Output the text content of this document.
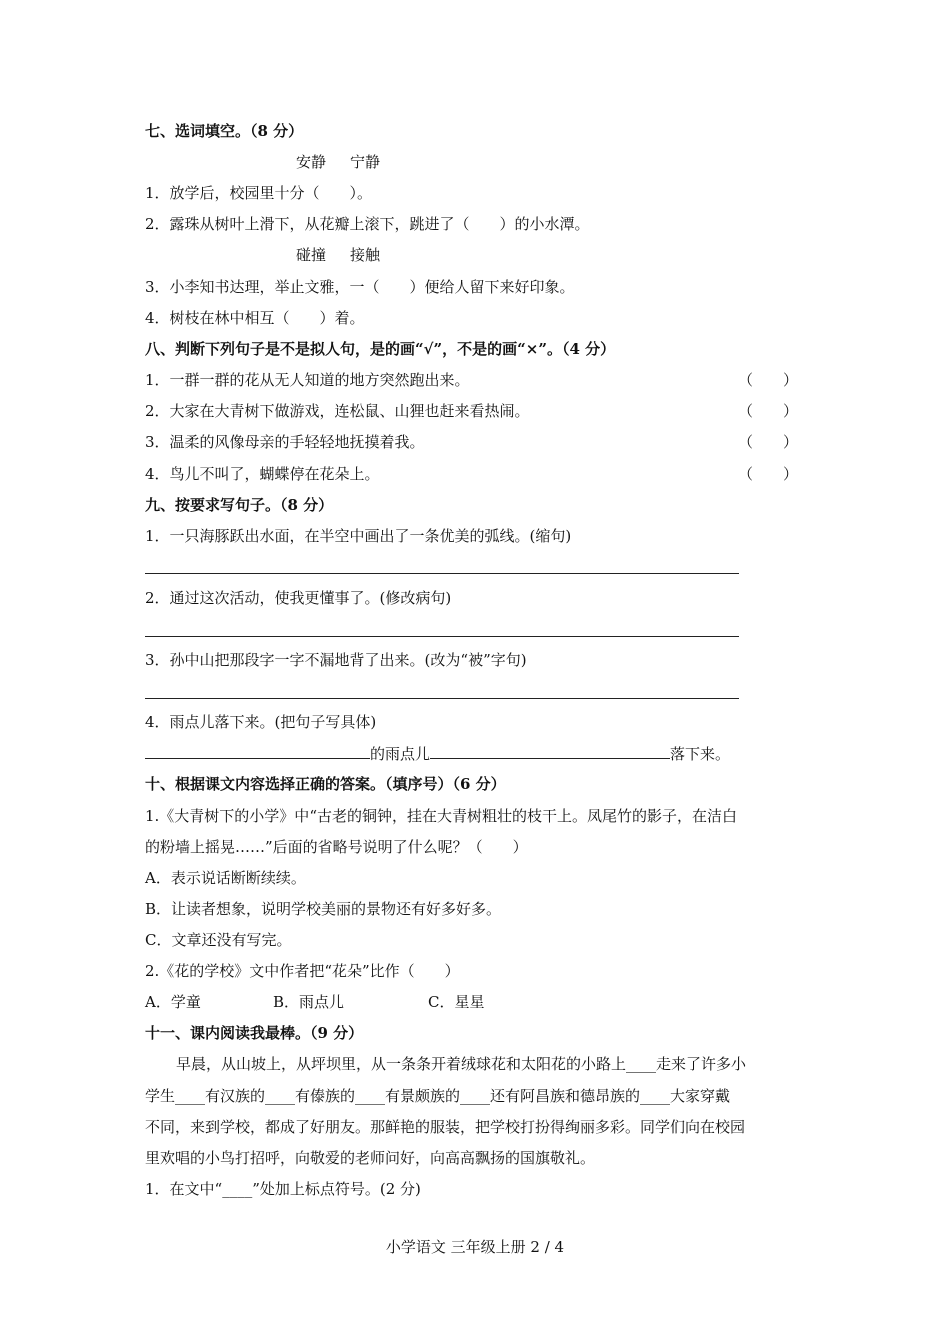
七、选词填空。（8 分）
安静 宁静
1．放学后，校园里十分（　　）。
2．露珠从树叶上滑下，从花瓣上滚下，跳进了（　　）的小水潭。
碰撞 接触
3．小李知书达理，举止文雅，一（　　）便给人留下来好印象。
4．树枝在林中相互（　　）着。
八、判断下列句子是不是拟人句，是的画“√”，不是的画“×”。（4 分）
1．一群一群的花从无人知道的地方突然跑出来。	（　　）
2．大家在大青树下做游戏，连松鼠、山狸也赶来看热闹。	（　　）
3．温柔的风像母亲的手轻轻地抚摸着我。	（　　）
4．鸟儿不叫了，蝴蝶停在花朵上。	（　　）
九、按要求写句子。（8 分）
1．一只海豚跃出水面，在半空中画出了一条优美的弧线。(缩句)
2．通过这次活动，使我更懂事了。(修改病句)
3．孙中山把那段字一字不漏地背了出来。(改为“被”字句)
4．雨点儿落下来。(把句子写具体)
的雨点儿	落下来。
十、根据课文内容选择正确的答案。（填序号）（6 分）
1.《大青树下的小学》中“古老的铜钟，挂在大青树粗壮的枝干上。凤尾竹的影子，在洁白
的粉墙上摇晃……”后面的省略号说明了什么呢？（　　）
A．表示说话断断续续。
B．让读者想象，说明学校美丽的景物还有好多好多。
C．文章还没有写完。
2.《花的学校》文中作者把“花朵”比作（　　）
A．学童	B．雨点儿	C．星星
十一、课内阅读我最棒。（9 分）
早晨，从山坡上，从坪坝里，从一条条开着绒球花和太阳花的小路上____走来了许多小
学生____有汉族的____有傣族的____有景颇族的____还有阿昌族和德昂族的____大家穿戴
不同，来到学校，都成了好朋友。那鲜艳的服装，把学校打扮得绚丽多彩。同学们向在校园
里欢唱的小鸟打招呼，向敬爱的老师问好，向高高飘扬的国旗敬礼。
1．在文中“____”处加上标点符号。(2 分)
小学语文 三年级上册 2 / 4
